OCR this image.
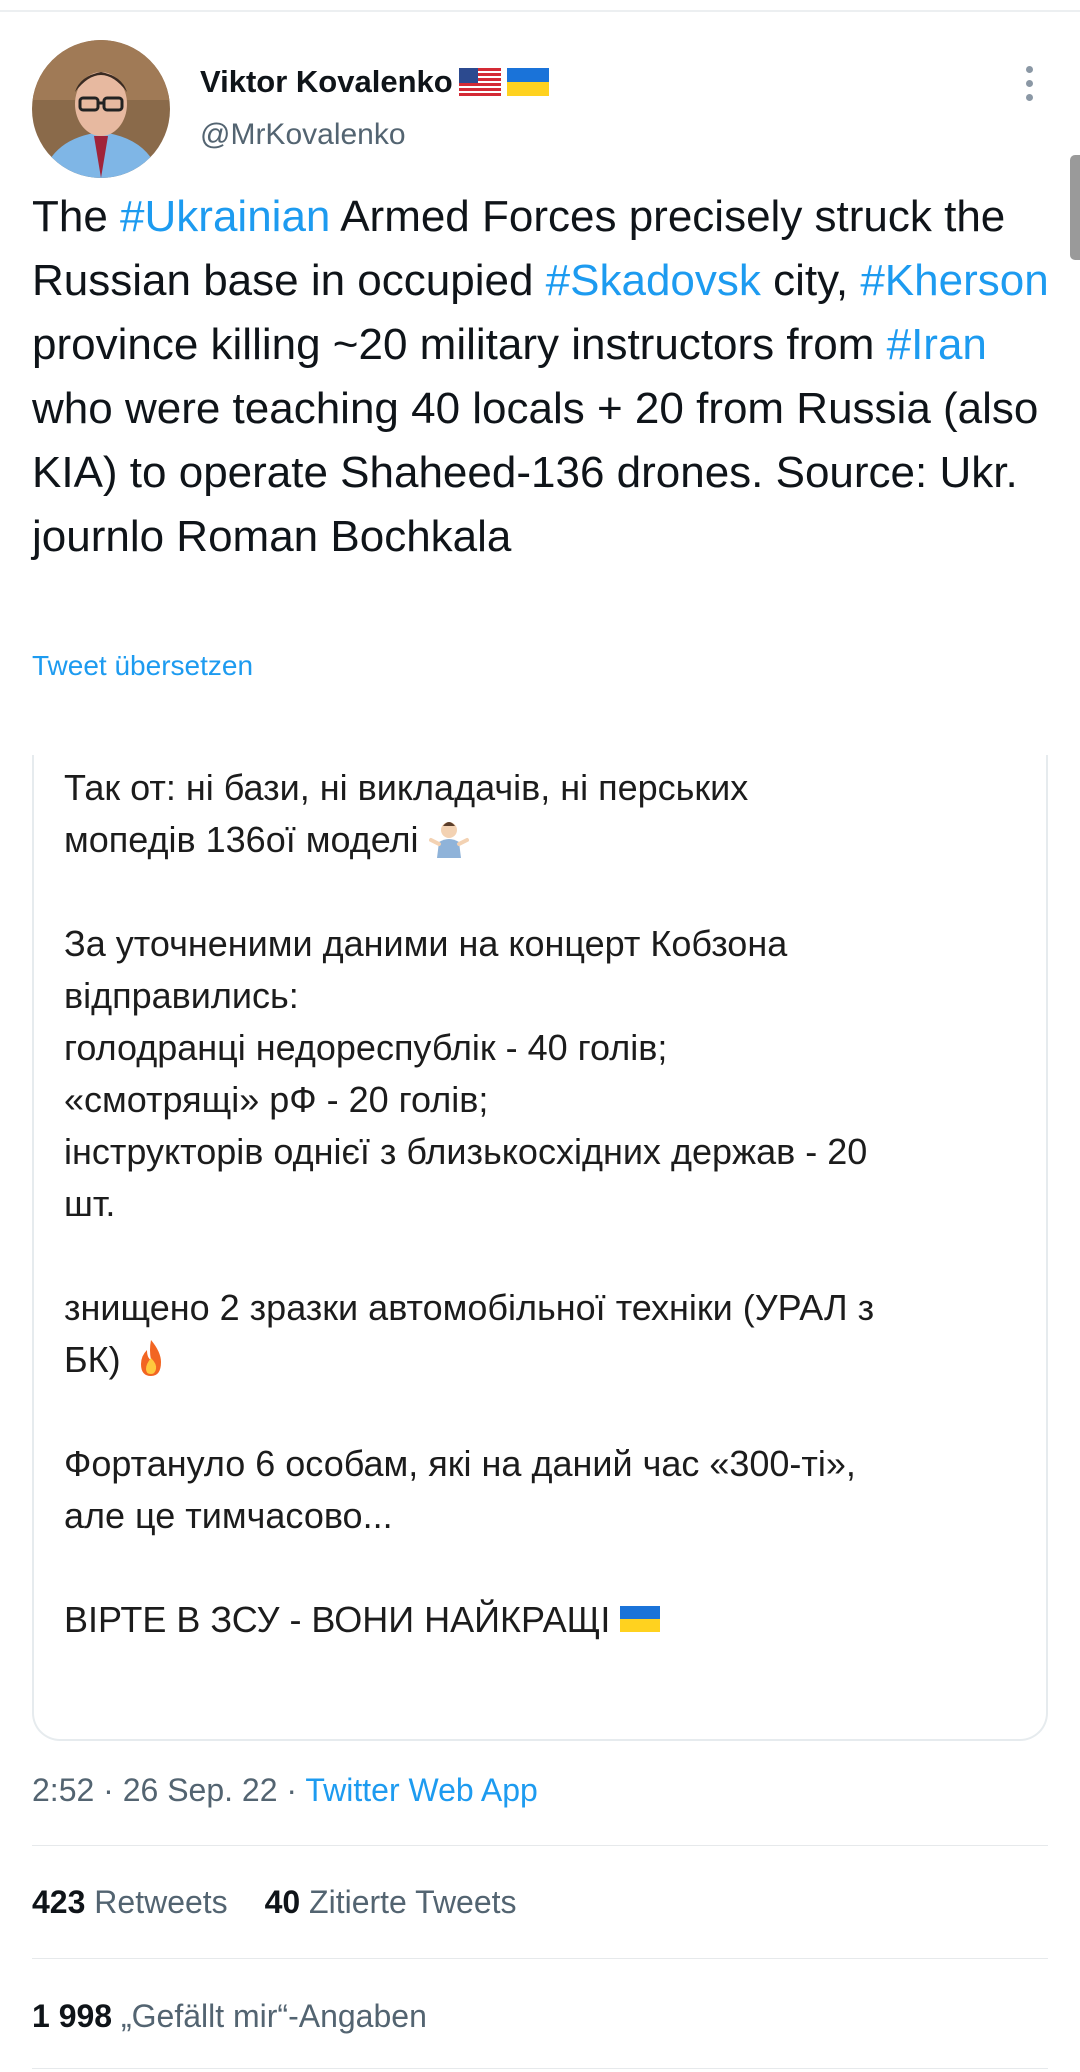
Viktor Kovalenko
@MrKovalenko
The #Ukrainian Armed Forces precisely struck the Russian base in occupied #Skadovsk city, #Kherson province killing ~20 military instructors from #Iran who were teaching 40 locals + 20 from Russia (also KIA) to operate Shaheed-136 drones. Source: Ukr. journlo Roman Bochkala
Tweet übersetzen

Так от: ні бази, ні викладачів, ні перських

мопедів 136ої моделі

За уточненими даними на концерт Кобзона

відправились:

голодранці недореспублік - 40 голів;

«смотрящі» рФ - 20 голів;

інструкторів однієї з близькосхідних держав - 20

шт.

знищено 2 зразки автомобільної техніки (УРАЛ з

БК)

Фортануло 6 особам, які на даний час «300-ті»,

але це тимчасово...

ВІРТЕ В ЗСУ - ВОНИ НАЙКРАЩІ

2:52 · 26 Sep. 22 · Twitter Web App
423 Retweets 40 Zitierte Tweets
1 998 „Gefällt mir“-Angaben
